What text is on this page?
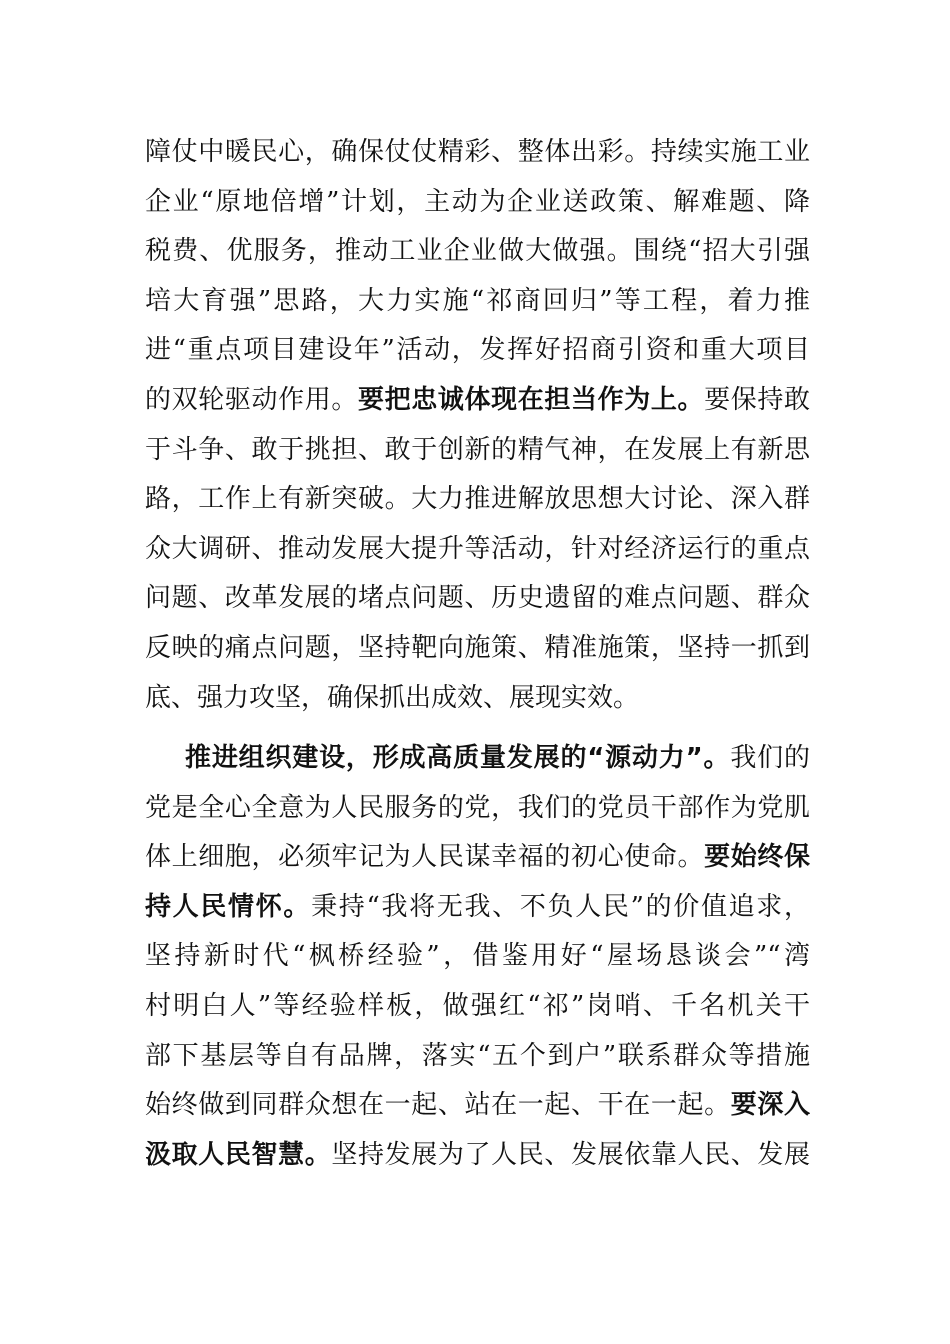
障仗中暖民心，确保仗仗精彩、整体出彩。持续实施工业
企业“原地倍增”计划，主动为企业送政策、解难题、降
税费、优服务，推动工业企业做大做强。围绕“招大引强
培大育强”思路，大力实施“祁商回归”等工程，着力推
进“重点项目建设年”活动，发挥好招商引资和重大项目
的双轮驱动作用。要把忠诚体现在担当作为上。要保持敢
于斗争、敢于挑担、敢于创新的精气神，在发展上有新思
路，工作上有新突破。大力推进解放思想大讨论、深入群
众大调研、推动发展大提升等活动，针对经济运行的重点
问题、改革发展的堵点问题、历史遗留的难点问题、群众
反映的痛点问题，坚持靶向施策、精准施策，坚持一抓到
底、强力攻坚，确保抓出成效、展现实效。
推进组织建设，形成高质量发展的“源动力”。我们的
党是全心全意为人民服务的党，我们的党员干部作为党肌
体上细胞，必须牢记为人民谋幸福的初心使命。要始终保
持人民情怀。秉持“我将无我、不负人民”的价值追求，
坚持新时代“枫桥经验”，借鉴用好“屋场恳谈会”“湾
村明白人”等经验样板，做强红“祁”岗哨、千名机关干
部下基层等自有品牌，落实“五个到户”联系群众等措施
始终做到同群众想在一起、站在一起、干在一起。要深入
汲取人民智慧。坚持发展为了人民、发展依靠人民、发展
